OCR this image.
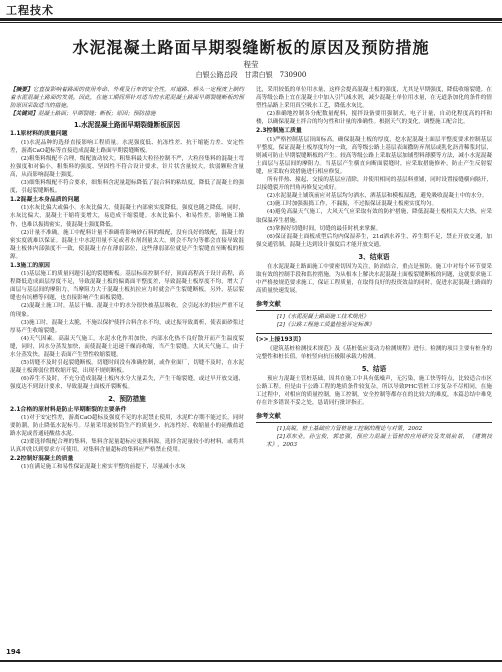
工程技术
水泥混凝土路面早期裂缝断板的原因及预防措施
程莹
白银公路总段　甘肃白银　730900

【摘要】它直接影响着路面的使用寿命、外观及行车的安全性，对道路、桥头一定程度上制约着水泥混凝土路面的发展。因此，在施工期间须针对适当的水泥混凝土路面早期裂缝断板的预防原因采取适当的措施。

【关键词】混凝土路面；早期裂缝；断板；原因；预防措施

1.水泥混凝土路面早期裂缝断板原因
1.1原材料的质量问题

(1)水泥品种的选择直接影响工程质量。水泥强度低、抗冻性差、抗干缩能力差、安定性差，游离CaO超标等直接造成混凝土路面早期裂缝断板。

(2)粗集料级配不合理，级配波动较大。粗集料最大粒径控制不严，大粒径集料的混凝土弯拉强度和对偏小，粗集料的强度、坚固性不符合设计要求，针片状含量较大，软弱颗粒含量高，从而影响混凝土强度。

(3)细集料级配不符合要求，细集料含泥量超标降低了混合料的粘结度，降低了混凝土的强度，引起裂缝断板。

1.2混凝土本身品质的问题

(1)水灰比偏大或偏小。水灰比偏大，使混凝土内部密实度降低，强度也随之降低。同时，水灰比偏大，混凝土干缩将变增大，易造成干缩裂缝。水灰比偏小，和易性差，影响施工操作，也难以振捣密实，使混凝土强度降低。

(2)计量不准确。施工中配料计量不准确将影响砂石料的级配，没有良好的级配，混凝土的密实度就难以保证。混凝土中水泥用量不足或者水剂剂量太大，则会不均匀等都会直接导致混凝土板体内部强度不一致，使混凝土存在薄弱部位，这些薄弱部位就是产生裂缝直至断板的根源。

1.3施工的原因

(1)基层施工的质量问题引起的裂缝断板。基层标高控制不好，顶面高程高于设计高程，高程降低造成面层厚度不足，导致混凝土板的偏离面平整度差，导致混凝土板厚度不均，增大了面层与基层间的摩阻力，当摩阻力大于混凝土板抗拉应力时就会产生裂缝断板。另外，基层裂缝也有坑槽等问题，也直接影响产生面板裂缝。

(2)混凝土施工时，基层干燥、混凝土中的水分很快被基层吸收，会引起水的供应严重不足的现象。

(3)施工时，混凝土太脆，不施以保护使拌合料含水不均，或过振导致离析，使表面砂浆过厚易产生收缩裂缝。

(4)天气因素。高温天气施工，水泥水化作用加快，内部水化热不良好散开而产生温度裂缝，同时，因水分蒸发加快，而使混凝土迅速干燥而收缩，当产生裂缝。大风天气施工，由于水分蒸发快，混凝土表面产生塑性收缩裂缝。

(5)切缝不及时引起裂缝断板。切缝时间没有准确控制，或作业面厂，切缝不及时，在水泥混凝土板薄弱位置收缩开裂，出现不规则断板。

(6)养生不及时，不充分造成混凝土板内水分大量丢失，产生干缩裂缝，或过早开放交通，强度达不到设计要求，导致混凝土面板开裂断板。

2、预防措施
2.1合格的原材料是防止早期断裂的主要条件

(1)对于安定性差，游离CaO超标及强度不足的水泥禁止使用，水泥贮存期不能过长，同时要防潮，防止降低水泥标号。尽量采用旋转筒生产的质量少、抗冻性好、收缩量小的硅酸盐道路水泥或普通硅酸盐水泥。

(2)要选择级配合理的集料，集料含泥量超标应更换料源，选择含泥量较小的材料，或将其认真冲洗以到要求方可使用，对集料含量超标的集料应严格禁止使用。

2.2控制好混凝土的质量

(1)在满足施工和易性保证混凝土密实平整的前提下，尽量减小水灰

比，采用较低的单位用水量，这样会提高混凝土板的强度，尤其是早期强度，降低收缩裂缝。在高等级公路上宜在混凝土中加入引气减水剂，减少混凝土单位用水量，在无道条加化的条件的情塑性品路上采用真空吸水工艺，降低水灰比。

(2)准确地控制各分配数量配料，搅拌设备要用强制式，电子计量，自动化程度高的拌和楼，以确保混凝土拌合的均匀性和计量的准确性。根据天气的变化，调整施工配合比。

2.3控制施工质量

(1)严格控制基层顶面标高，确保混凝土板的厚度，挖水泥混凝土面层平整度要求控制基层平整度，保证混凝土板厚度均匀一致，高等级公路上基层表面撒防弃剂层或乳化沥青稀浆封层，则减可防止早期裂缝断板的产生。较高等级公路上采取基层加铺塑料薄膜等方法，减小水泥混凝土面层与基层间的摩阻力。当基层产生横直向断面裂缝时，应采取措施修补，防止产生反射裂缝，应采取有效措施进行相应修复。

所有伴热、撞起、交接的基层应清除，并使用相同的基层料重铺，同时设置接缝横向隔开，以接缝裂开的凹角再修复完成好。

(2)水泥混凝土铺筑前应对基层均匀洒水，洒基层和模板湿透，避免吸收混凝土中的水分。

(3)施工时加强振捣工作，不漏振，不过振保证混凝土板密实度均匀。

(4)避免高温天气施工，大风天气应采取有效的防护措施，降低混凝土板相关大大热，应采取保温养生措施。

(5)掌握好切缝时间，切缝的最佳时机来掌握。

(6)保证混凝土面板成型后均内保湿养生，21d洒水养生，养生期不足，禁止开放交通，加强交通管制，混凝土达到设计强度后才能开放交通。

3、结束语

在水泥混凝土路面施工中要密切因为关注，防治结合，重点是预防。施工中对每个环节要采取有效的控制手段和监控措施，为从根本上解决水泥混凝土面板裂缝断板的问题，这就要求施工中严格按规范要求施工，保证工程质量，在取得良好的投资效益的同时，促进水泥混凝土路面的高质量快速发展。

参考文献

[1]《水泥混凝土路面施工技术规范》

[2]《公路工程施工质量检验评定标准》

(>>上接193页)

《建筑基桩检测技术规范》及《基桩低应变动力检测规程》进行。检测的项目主要有桩身的完整性和桩长值，单桩竖向抗压极限承载力检测。

5、结语

预应力混凝土管桩基础，因其在施工中具有低噪声，无污染，施工快等特点，比较适合市区公路工程。但是由于公路工程的地质条件较复杂，所以导致PHC管桩工序复杂不尽相同，在施工过程中，对相应的质量控制，施工控制，安全控制等都存在的比较大的难度，本篇总结中难免存在许多错误不妥之处，恳请同行批评指正。

参考文献

[1]高锐，桩土基础应力管桩施工控制的理论与对策，2002

[2]邓东业，孙宝俊，郭忠强，预应力混凝土管桩的应用研究及发展前景，《建筑技术》，2003

194
